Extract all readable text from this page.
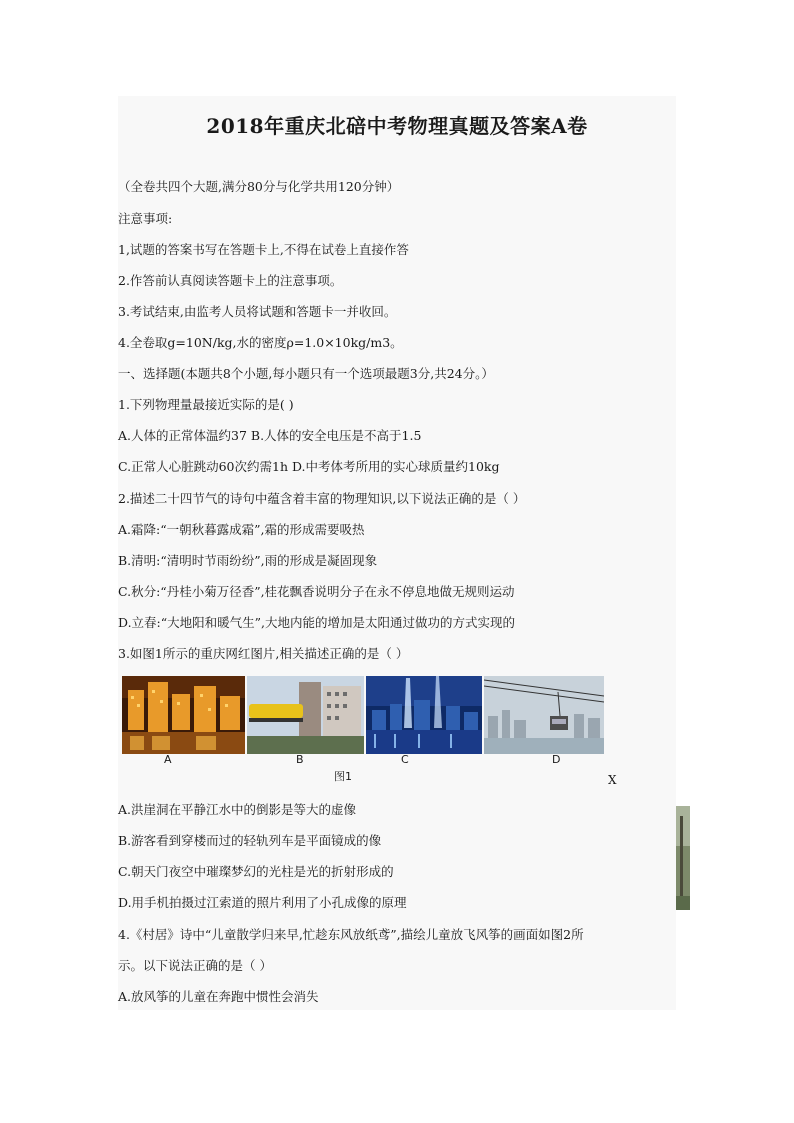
2018年重庆北碚中考物理真题及答案A卷
（全卷共四个大题,满分80分与化学共用120分钟）
注意事项:
1,试题的答案书写在答题卡上,不得在试卷上直接作答
2.作答前认真阅读答题卡上的注意事项。
3.考试结束,由监考人员将试题和答题卡一并收回。
4.全卷取g=10N/kg,水的密度ρ=1.0×10kg/m3。
一、选择题(本题共8个小题,每小题只有一个选项最题3分,共24分。）
1.下列物理量最接近实际的是( )
A.人体的正常体温约37 B.人体的安全电压是不高于1.5
C.正常人心脏跳动60次约需1h D.中考体考所用的实心球质量约10kg
2.描述二十四节气的诗句中蕴含着丰富的物理知识,以下说法正确的是（ ）
A.霜降:“一朝秋暮露成霜”,霜的形成需要吸热
B.清明:“清明时节雨纷纷”,雨的形成是凝固现象
C.秋分:“丹桂小菊万径香”,桂花飘香说明分子在永不停息地做无规则运动
D.立春:“大地阳和暖气生”,大地内能的增加是太阳通过做功的方式实现的
3.如图1所示的重庆网红图片,相关描述正确的是（ ）
A	B	C	D
图1	X
A.洪崖洞在平静江水中的倒影是等大的虚像
B.游客看到穿楼而过的轻轨列车是平面镜成的像
C.朝天门夜空中璀璨梦幻的光柱是光的折射形成的
D.用手机拍摄过江索道的照片利用了小孔成像的原理
4.《村居》诗中“儿童散学归来早,忙趁东风放纸鸢”,描绘儿童放飞风筝的画面如图2所
示。以下说法正确的是（ ）
A.放风筝的儿童在奔跑中惯性会消失
